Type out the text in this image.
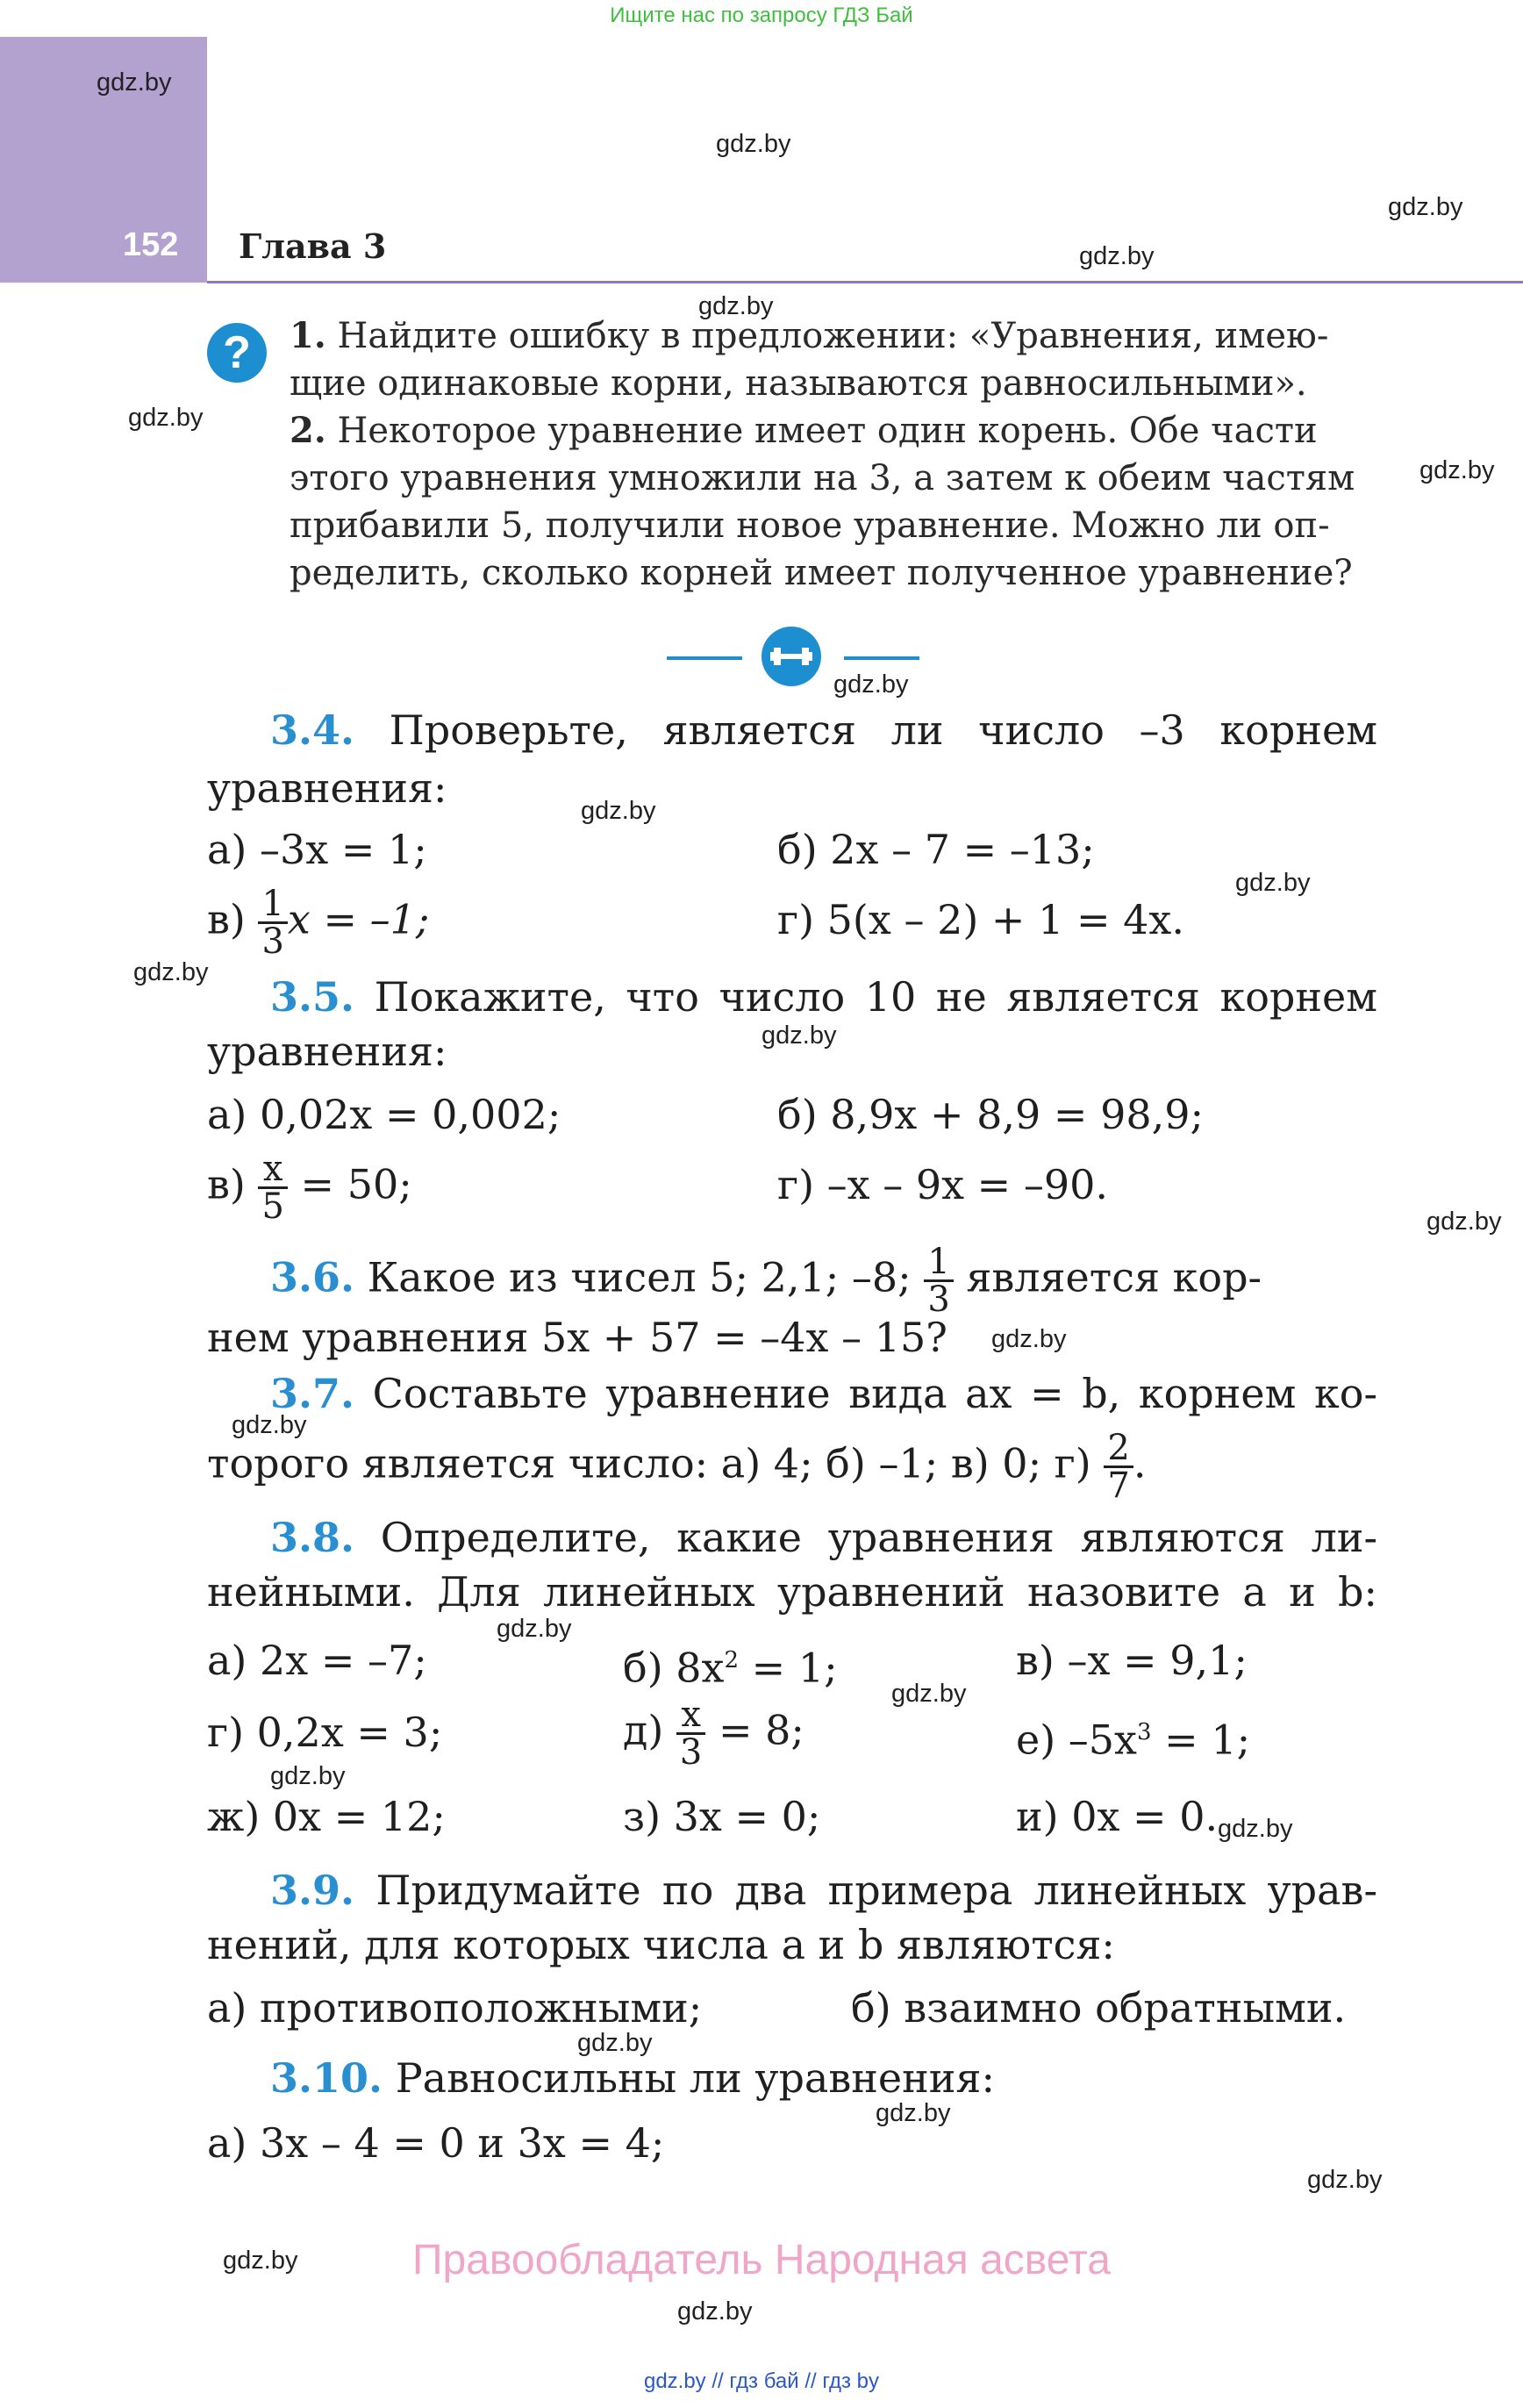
Ищите нас по запросу ГДЗ Бай
152 Глава 3
gdz.by
gdz.by
gdz.by
gdz.by
gdz.by
gdz.by
gdz.by
gdz.by
gdz.by
gdz.by
gdz.by
gdz.by
gdz.by
gdz.by
gdz.by
gdz.by
gdz.by
gdz.by
gdz.by
gdz.by
gdz.by
gdz.by
gdz.by
gdz.by
?	1. Найдите ошибку в предложении: «Уравнения, имею-
щие одинаковые корни, называются равносильными».
2. Некоторое уравнение имеет один корень. Обе части
этого уравнения умножили на 3, а затем к обеим частям
прибавили 5, получили новое уравнение. Можно ли оп-
ределить, сколько корней имеет полученное уравнение?
3.4. Проверьте, является ли число –3 корнем
уравнения:
а) –3x = 1;	б) 2x – 7 = –13;
$в) \frac{1}{3}$ x = –1;	г) 5(x – 2) + 1 = 4x.
3.5. Покажите, что число 10 не является корнем
уравнения:
а) 0,02x = 0,002;	б) 8,9x + 8,9 = 98,9;
$в) \frac{x}{5} = 50$;	г) –x – 9x = –90.
3.6. Какое из чисел 5; 2,1; –8; $\frac{1}{3}$ является кор-
нем уравнения 5x + 57 = –4x – 15?
3.7. Составьте уравнение вида ax = b, корнем ко-
торого является число: а) 4; б) –1; в) 0; $г) \frac{2}{7}$ .
3.8. Определите, какие уравнения являются ли-
нейными. Для линейных уравнений назовите a и b:
а) 2x = –7;	б) $8x^2 = 1$;	в) –x = 9,1;
г) 0,2x = 3;	$д) \frac{x}{3} = 8$;	е) $-5x^3 = 1$;
ж) 0x = 12;	з) 3x = 0;	и) 0x = 0.
3.9. Придумайте по два примера линейных урав-
нений, для которых числа a и b являются:
а) противоположными;	б) взаимно обратными.
3.10. Равносильны ли уравнения:
а) 3x – 4 = 0 и 3x = 4;
Правообладатель Народная асвета
gdz.by // гдз бай // гдз by
